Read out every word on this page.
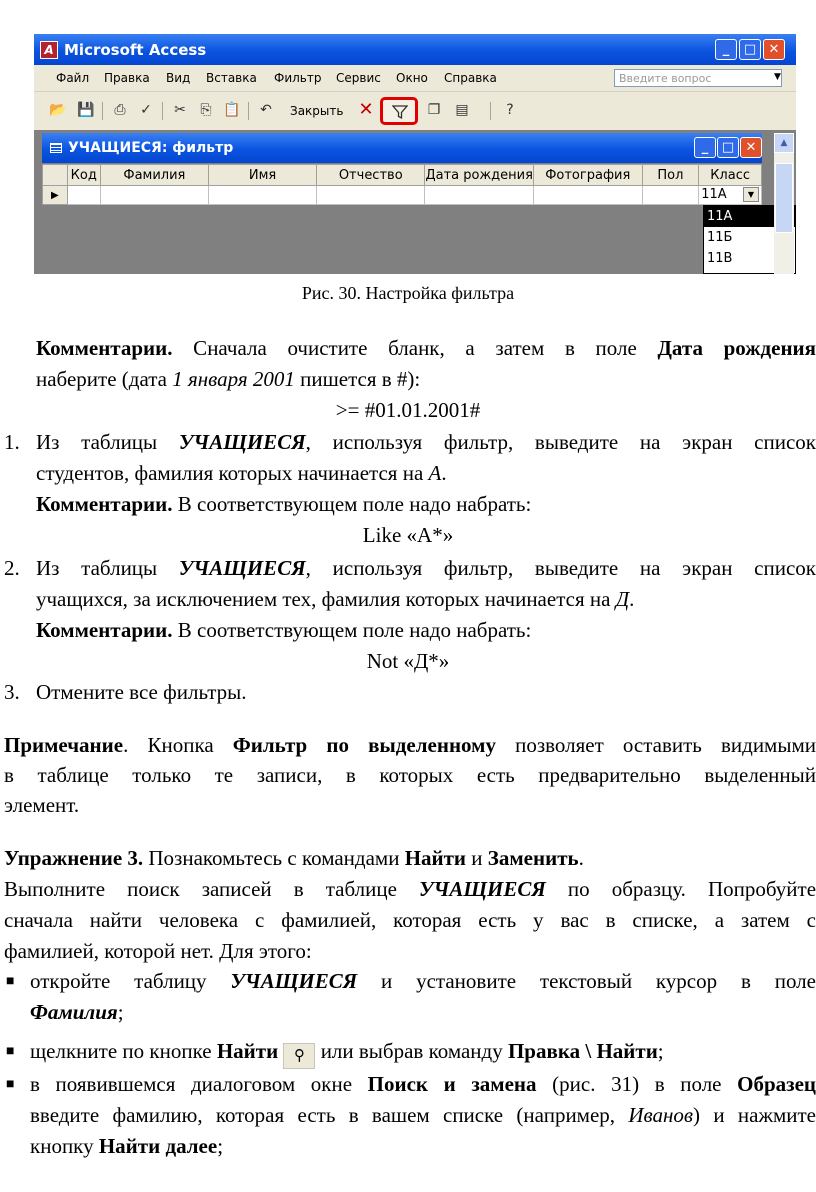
A Microsoft Access	_	□ ✕
Файл Правка Вид Вставка Фильтр Сервис Окно Справка	Введите вопрос	▼
📂 💾	⎙	✓ ✂	⎘ 📋 ↶	Закрыть ✕	❐ ▤	?
УЧАЩИЕСЯ: фильтр	_	□ ✕
	Код	Фамилия	Имя	Отчество	Дата рождения	Фотография	Пол	Класс
▶								11А ▼
11А
11Б
11В
▲
Рис. 30. Настройка фильтра
Комментарии. Сначала очистите бланк, а затем в поле Дата рождения
наберите (дата 1 января 2001 пишется в #):
>= #01.01.2001#
1. Из таблицы УЧАЩИЕСЯ, используя фильтр, выведите на экран список
студентов, фамилия которых начинается на А.
Комментарии. В соответствующем поле надо набрать:
Like «А*»
2. Из таблицы УЧАЩИЕСЯ, используя фильтр, выведите на экран список
учащихся, за исключением тех, фамилия которых начинается на Д.
Комментарии. В соответствующем поле надо набрать:
Not «Д*»
3. Отмените все фильтры.
Примечание. Кнопка Фильтр по выделенному позволяет оставить видимыми
в таблице только те записи, в которых есть предварительно выделенный
элемент.
Упражнение 3. Познакомьтесь с командами Найти и Заменить.
Выполните поиск записей в таблице УЧАЩИЕСЯ по образцу. Попробуйте
сначала найти человека с фамилией, которая есть у вас в списке, а затем с
фамилией, которой нет. Для этого:
■ откройте таблицу УЧАЩИЕСЯ и установите текстовый курсор в поле
Фамилия;
■ щелкните по кнопке Найти ⚲ или выбрав команду Правка \ Найти;
■ в появившемся диалоговом окне Поиск и замена (рис. 31) в поле Образец
введите фамилию, которая есть в вашем списке (например, Иванов) и нажмите
кнопку Найти далее;
